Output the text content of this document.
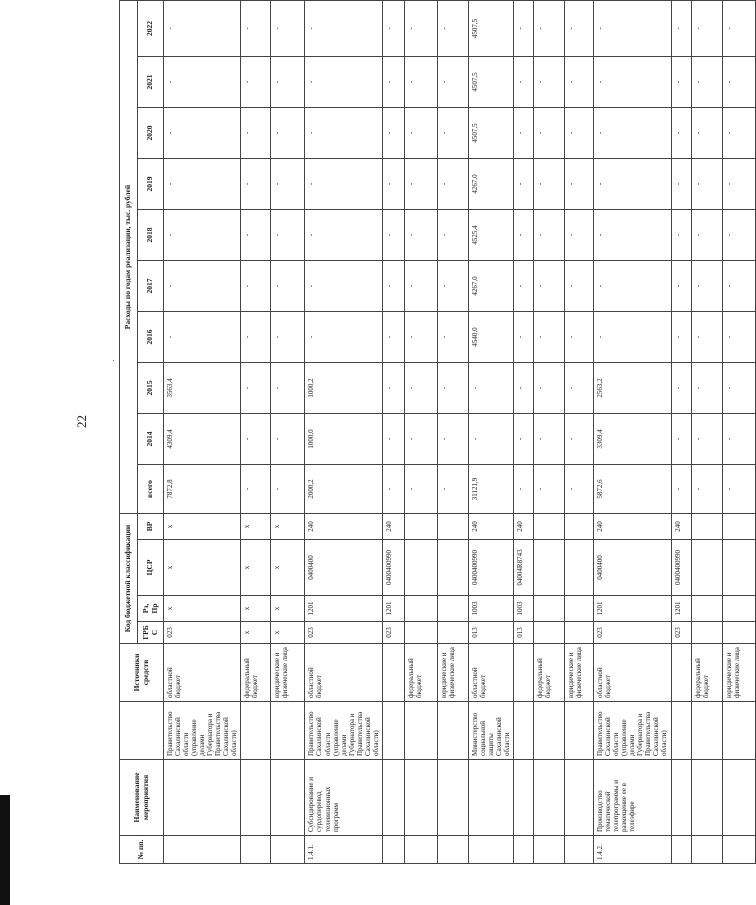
22
№ пп.	Наименование мероприятия		Источники средств	Код бюджетной классификации				Расходы по годам реализации, тыс. рублей									
				ГРБ С	Рз, Пр	ЦСР	ВР	всего	2014	2015	2016	2017	2018	2019	2020	2021	2022
		Правительство Сахалинской области (управление делами Губернатора и Правительства Сахалинской области)	областной бюджет	023	x	x	x	7872,8	4309,4	3563,4	-	-	-	-	-	-	-
			федеральный бюджет	x	x	x	x	-	-	-	-	-	-	-	-	-	-
			юридические и физические лица	x	x	x	x	-	-	-	-	-	-	-	-	-	-
1.4.1.	Субсидирование и сурдоперевод телевизионных программ	Правительство Сахалинской области (управление делами Губернатора и Правительства Сахалинской области)	областной бюджет	023	1201	0400400	240	2000,2	1000,0	1000,2	-	-	-	-	-	-	-
				023	1201	0400400990	240	-	-	-	-	-	-	-	-	-	-
			федеральный бюджет					-	-	-	-	-	-	-	-	-	-
			юридические и физические лица					-	-	-	-	-	-	-	-	-	-
		Министерство социальной защиты Сахалинской области	областной бюджет	013	1003	0400400990	240	31121,9	-	-	4540,0	4267,0	4525,4	4267,0	4507,5	4507,5	4507,5
				013	1003	04004R8743	240	-	-	-	-	-	-	-	-	-	-
			федеральный бюджет					-	-	-	-	-	-	-	-	-	-
			юридические и физические лица					-	-	-	-	-	-	-	-	-	-
1.4.2.	Производство тематической телепрограммы и размещение ее в телеэфире	Правительство Сахалинской области (управление делами Губернатора и Правительства Сахалинской области)	областной бюджет	023	1201	0400400	240	5872,6	3309,4	2563,2	-	-	-	-	-	-	-
				023	1201	0400400990	240	-	-	-	-	-	-	-	-	-	-
			федеральный бюджет					-	-	-	-	-	-	-	-	-	-
			юридические и физические лица					-	-	-	-	-	-	-	-	-	-
